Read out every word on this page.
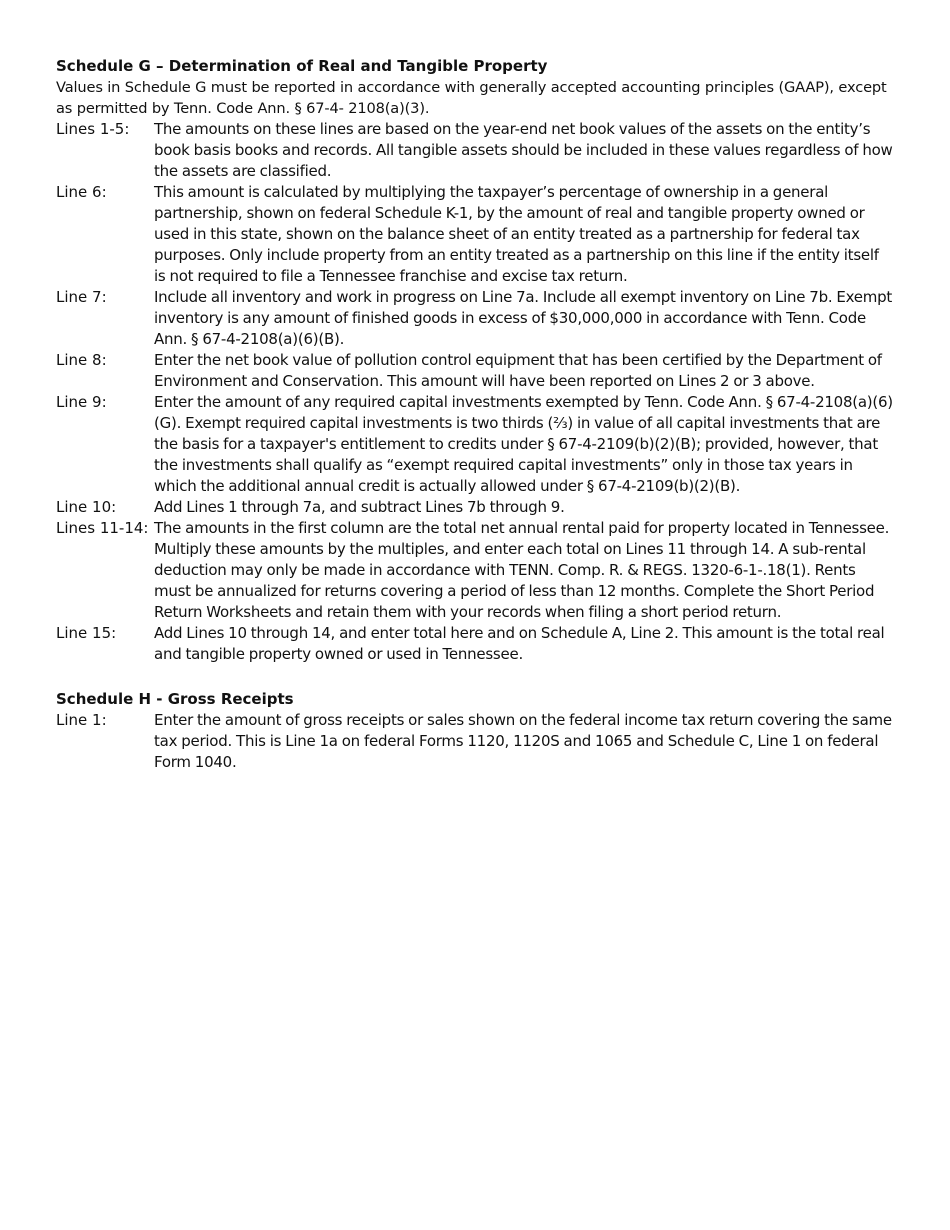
Schedule G – Determination of Real and Tangible Property

Values in Schedule G must be reported in accordance with generally accepted accounting principles (GAAP), except as permitted by Tenn. Code Ann. § 67-4- 2108(a)(3).

Lines 1-5:	The amounts on these lines are based on the year-end net book values of the assets on the entity’s book basis books and records. All tangible assets should be included in these values regardless of how the assets are classified.
Line 6:	This amount is calculated by multiplying the taxpayer’s percentage of ownership in a general partnership, shown on federal Schedule K-1, by the amount of real and tangible property owned or used in this state, shown on the balance sheet of an entity treated as a partnership for federal tax purposes. Only include property from an entity treated as a partnership on this line if the entity itself is not required to file a Tennessee franchise and excise tax return.
Line 7:	Include all inventory and work in progress on Line 7a. Include all exempt inventory on Line 7b. Exempt inventory is any amount of finished goods in excess of $30,000,000 in accordance with Tenn. Code Ann. § 67-4-2108(a)(6)(B).
Line 8:	Enter the net book value of pollution control equipment that has been certified by the Department of Environment and Conservation. This amount will have been reported on Lines 2 or 3 above.
Line 9:	Enter the amount of any required capital investments exempted by Tenn. Code Ann. § 67-4-2108(a)(6)(G). Exempt required capital investments is two thirds (⅔) in value of all capital investments that are the basis for a taxpayer's entitlement to credits under § 67-4-2109(b)(2)(B); provided, however, that the investments shall qualify as “exempt required capital investments” only in those tax years in which the additional annual credit is actually allowed under § 67-4-2109(b)(2)(B).
Line 10:	Add Lines 1 through 7a, and subtract Lines 7b through 9.
Lines 11-14: The amounts in the first column are the total net annual rental paid for property located in Tennessee. Multiply these amounts by the multiples, and enter each total on Lines 11 through 14. A sub-rental deduction may only be made in accordance with TENN. Comp. R. & REGS. 1320-6-1-.18(1). Rents must be annualized for returns covering a period of less than 12 months. Complete the Short Period Return Worksheets and retain them with your records when filing a short period return.
Line 15:	Add Lines 10 through 14, and enter total here and on Schedule A, Line 2. This amount is the total real and tangible property owned or used in Tennessee.
Schedule H - Gross Receipts
Line 1:	Enter the amount of gross receipts or sales shown on the federal income tax return covering the same tax period. This is Line 1a on federal Forms 1120, 1120S and 1065 and Schedule C, Line 1 on federal Form 1040.
